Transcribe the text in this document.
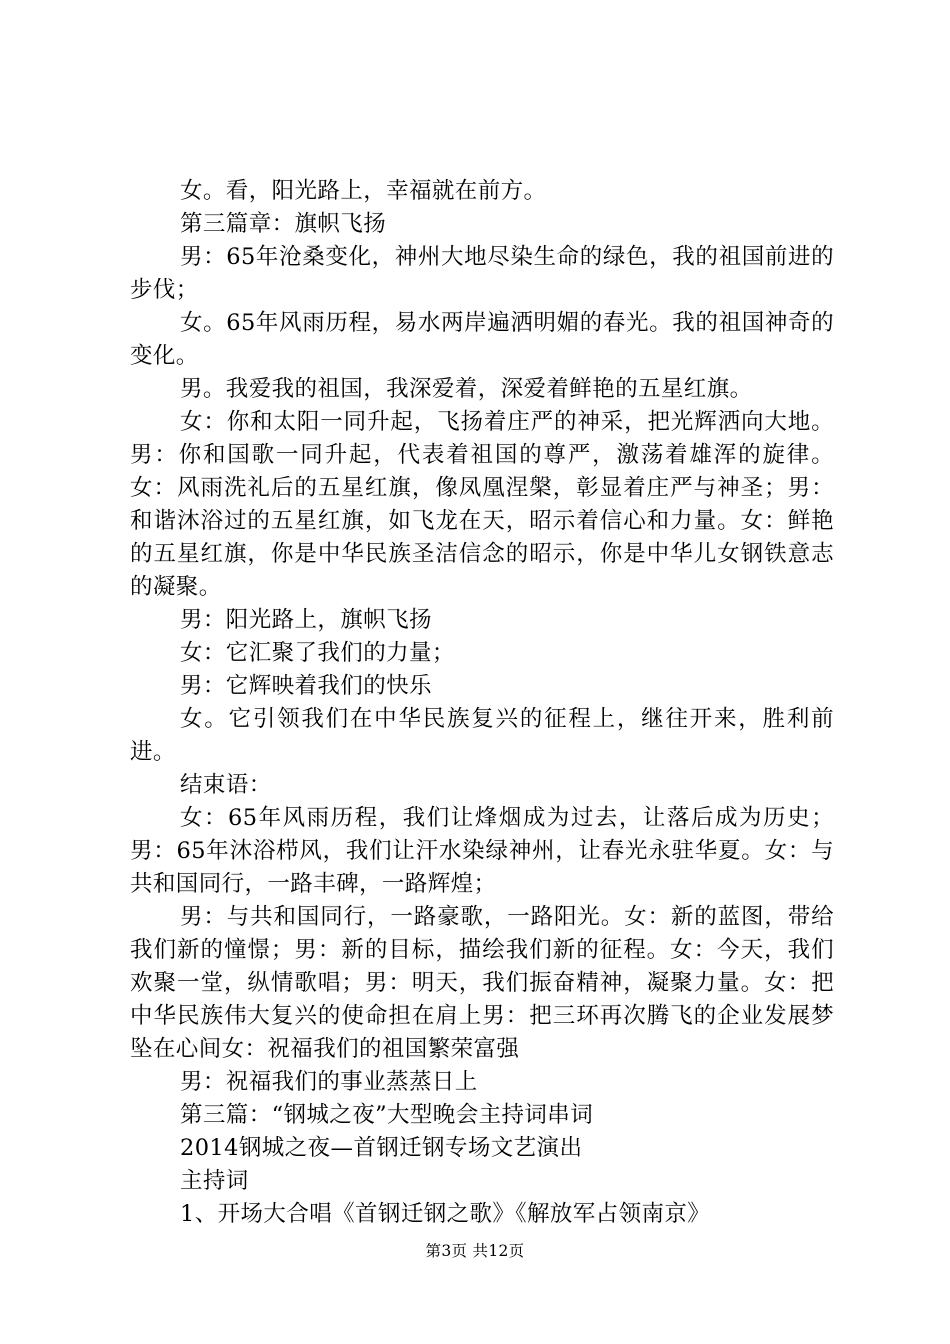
女。看，阳光路上，幸福就在前方。

第三篇章：旗帜飞扬

男：65年沧桑变化，神州大地尽染生命的绿色，我的祖国前进的步伐；

女。65年风雨历程，易水两岸遍洒明媚的春光。我的祖国神奇的变化。

男。我爱我的祖国，我深爱着，深爱着鲜艳的五星红旗。

女：你和太阳一同升起，飞扬着庄严的神采，把光辉洒向大地。男：你和国歌一同升起，代表着祖国的尊严，激荡着雄浑的旋律。女：风雨洗礼后的五星红旗，像凤凰涅槃，彰显着庄严与神圣；男：和谐沐浴过的五星红旗，如飞龙在天，昭示着信心和力量。女：鲜艳的五星红旗，你是中华民族圣洁信念的昭示，你是中华儿女钢铁意志的凝聚。

男：阳光路上，旗帜飞扬

女：它汇聚了我们的力量；

男：它辉映着我们的快乐

女。它引领我们在中华民族复兴的征程上，继往开来，胜利前进。

结束语：

女：65年风雨历程，我们让烽烟成为过去，让落后成为历史；男：65年沐浴栉风，我们让汗水染绿神州，让春光永驻华夏。女：与共和国同行，一路丰碑，一路辉煌；

男：与共和国同行，一路豪歌，一路阳光。女：新的蓝图，带给我们新的憧憬；男：新的目标，描绘我们新的征程。女：今天，我们欢聚一堂，纵情歌唱；男：明天，我们振奋精神，凝聚力量。女：把中华民族伟大复兴的使命担在肩上男：把三环再次腾飞的企业发展梦坠在心间女：祝福我们的祖国繁荣富强

男：祝福我们的事业蒸蒸日上

第三篇：“钢城之夜”大型晚会主持词串词

2014钢城之夜—首钢迁钢专场文艺演出

主持词

1、开场大合唱《首钢迁钢之歌》《解放军占领南京》

第3页 共12页
